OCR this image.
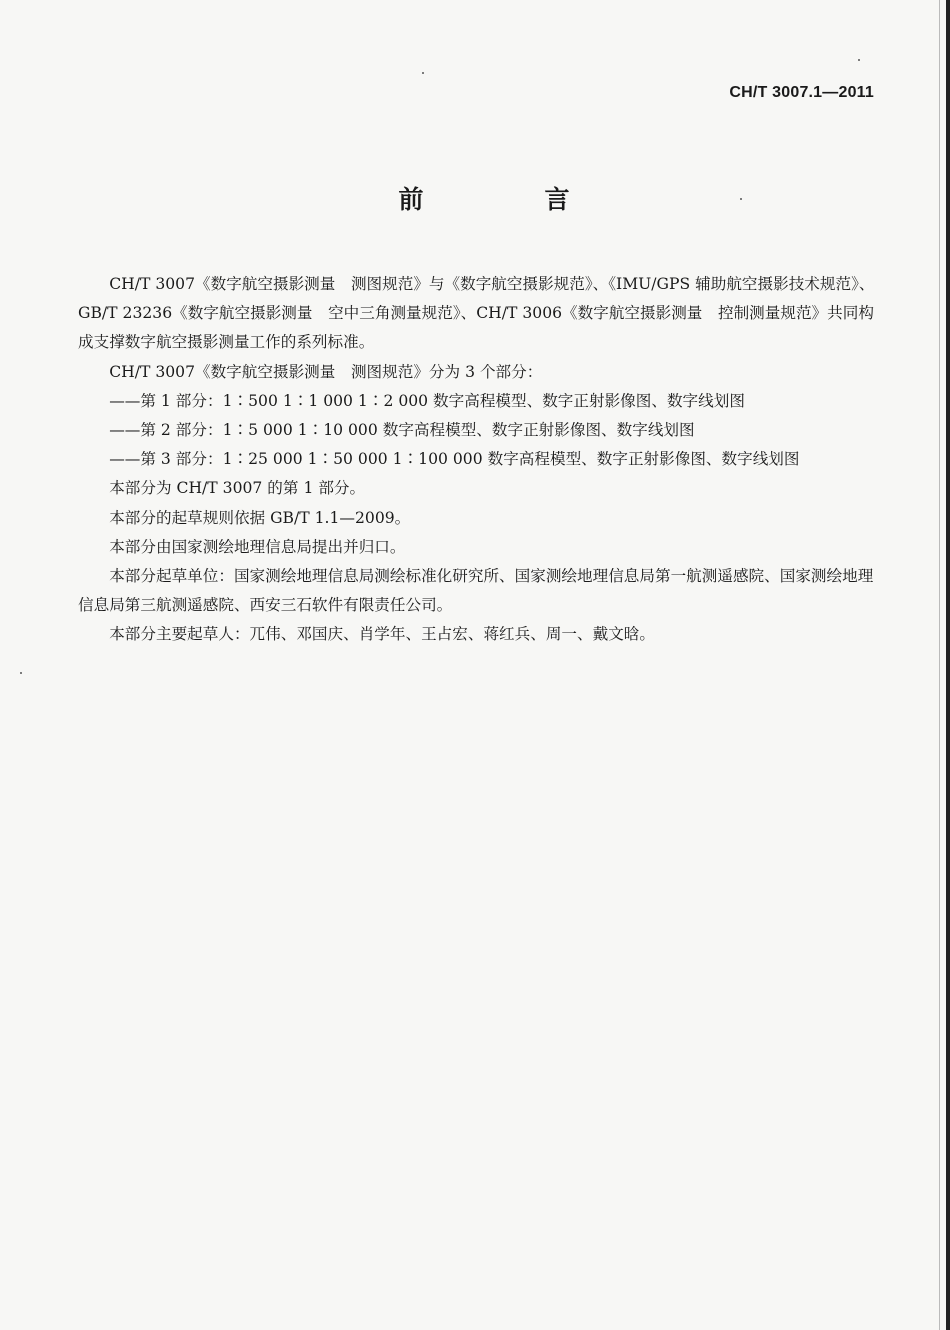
CH/T 3007.1—2011
前　言

CH/T 3007《数字航空摄影测量　测图规范》与《数字航空摄影规范》、《IMU/GPS 辅助航空摄影技术规范》、GB/T 23236《数字航空摄影测量　空中三角测量规范》、CH/T 3006《数字航空摄影测量　控制测量规范》共同构成支撑数字航空摄影测量工作的系列标准。

CH/T 3007《数字航空摄影测量　测图规范》分为 3 个部分：

——第 1 部分：1∶500 1∶1 000 1∶2 000 数字高程模型、数字正射影像图、数字线划图

——第 2 部分：1∶5 000 1∶10 000 数字高程模型、数字正射影像图、数字线划图

——第 3 部分：1∶25 000 1∶50 000 1∶100 000 数字高程模型、数字正射影像图、数字线划图

本部分为 CH/T 3007 的第 1 部分。

本部分的起草规则依据 GB/T 1.1—2009。

本部分由国家测绘地理信息局提出并归口。

本部分起草单位：国家测绘地理信息局测绘标准化研究所、国家测绘地理信息局第一航测遥感院、国家测绘地理信息局第三航测遥感院、西安三石软件有限责任公司。

本部分主要起草人：兀伟、邓国庆、肖学年、王占宏、蒋红兵、周一、戴文晗。
